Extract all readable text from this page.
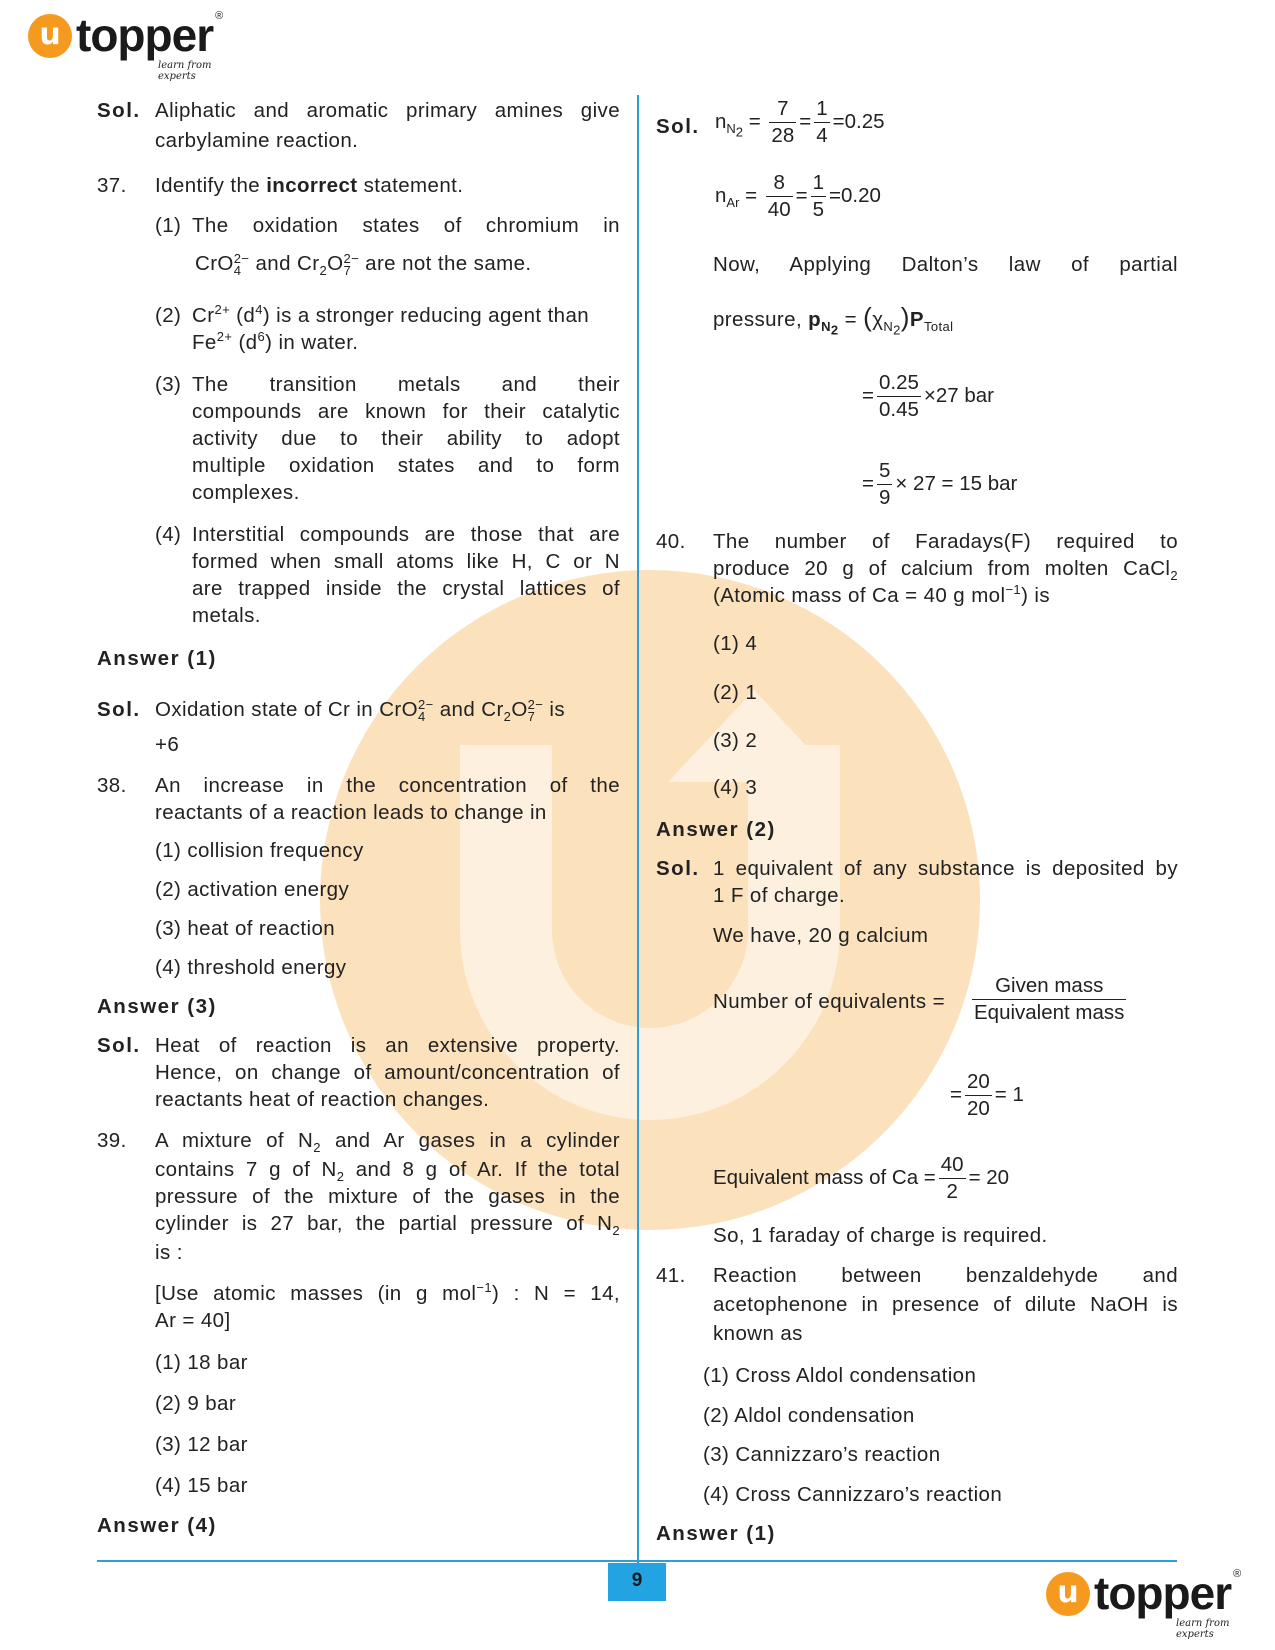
u topper ®
learn from experts
u topper ®
learn from experts
9
Sol. Aliphatic and aromatic primary amines give
carbylamine reaction.
37. Identify the incorrect statement.
(1) The oxidation states of chromium in
CrO 2−
4 and $Cr_2O$ 2−
7 are not the same.
(2) $Cr^{2+}$ $(d^4)$ is a stronger reducing agent than
$Fe^{2+}$ $(d^6)$ in water.
(3) The transition metals and their
compounds are known for their catalytic
activity due to their ability to adopt
multiple oxidation states and to form
complexes.
(4) Interstitial compounds are those that are
formed when small atoms like H, C or N
are trapped inside the crystal lattices of
metals.
Answer (1)
Sol. Oxidation state of Cr in CrO 2−
4 and $Cr_2O$ 2−
7 is
+6
38. An increase in the concentration of the
reactants of a reaction leads to change in
(1) collision frequency
(2) activation energy
(3) heat of reaction
(4) threshold energy
Answer (3)
Sol. Heat of reaction is an extensive property.
Hence, on change of amount/concentration of
reactants heat of reaction changes.
39. A mixture of $N_2$ and Ar gases in a cylinder
contains 7 g of $N_2$ and 8 g of Ar. If the total
pressure of the mixture of the gases in the
cylinder is 27 bar, the partial pressure of $N_2$
is :
[Use atomic masses (in g mol$^{-1}$) : N = 14,
Ar = 40]
(1) 18 bar
(2) 9 bar
(3) 12 bar
(4) 15 bar
Answer (4)
Sol. $n_{N_2} = \frac{7}{28} = \frac{1}{4} =0.25$
$n_{Ar} = \frac{8}{40} = \frac{1}{5} =0.20$
Now, Applying Dalton’s law of partial
pressure, $p_{N_2} = (\chi_{N_2})P_{Total}$
= $\frac{0.25}{0.45} \times 27$ bar
= $\frac{5}{9} \times 27 = 15$ bar
40. The number of Faradays(F) required to
produce 20 g of calcium from molten CaCl$_2$
(Atomic mass of Ca = 40 g mol$^{-1}$) is
(1) 4
(2) 1
(3) 2
(4) 3
Answer (2)
Sol. 1 equivalent of any substance is deposited by
1 F of charge.
We have, 20 g calcium
Number of equivalents = $\frac{\text{Given mass}}{\text{Equivalent mass}}$
= $\frac{20}{20} = 1$
Equivalent mass of $Ca = \frac{40}{2} = 20$
So, 1 faraday of charge is required.
41. Reaction between benzaldehyde and
acetophenone in presence of dilute NaOH is
known as
(1) Cross Aldol condensation
(2) Aldol condensation
(3) Cannizzaro’s reaction
(4) Cross Cannizzaro’s reaction
Answer (1)
